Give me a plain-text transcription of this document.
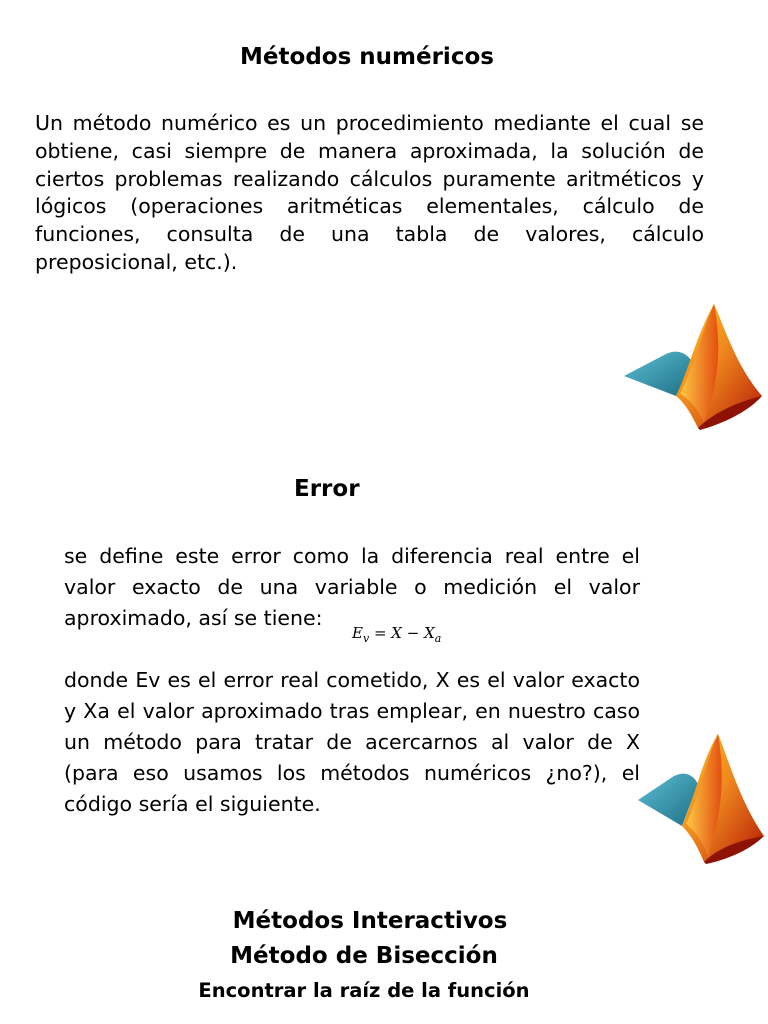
Métodos numéricos
Un método numérico es un procedimiento mediante el cual se obtiene, casi siempre de manera aproximada, la solución de ciertos problemas realizando cálculos puramente aritméticos y lógicos (operaciones aritméticas elementales, cálculo de funciones, consulta de una tabla de valores, cálculo preposicional, etc.).
Error
se define este error como la diferencia real entre el valor exacto de una variable o medición el valor aproximado, así se tiene:
$E_v = X - X_a$
donde Ev es el error real cometido, X es el valor exacto y Xa el valor aproximado tras emplear, en nuestro caso un método para tratar de acercarnos al valor de X (para eso usamos los métodos numéricos ¿no?), el código sería el siguiente.
Métodos Interactivos
Método de Bisección
Encontrar la raíz de la función
